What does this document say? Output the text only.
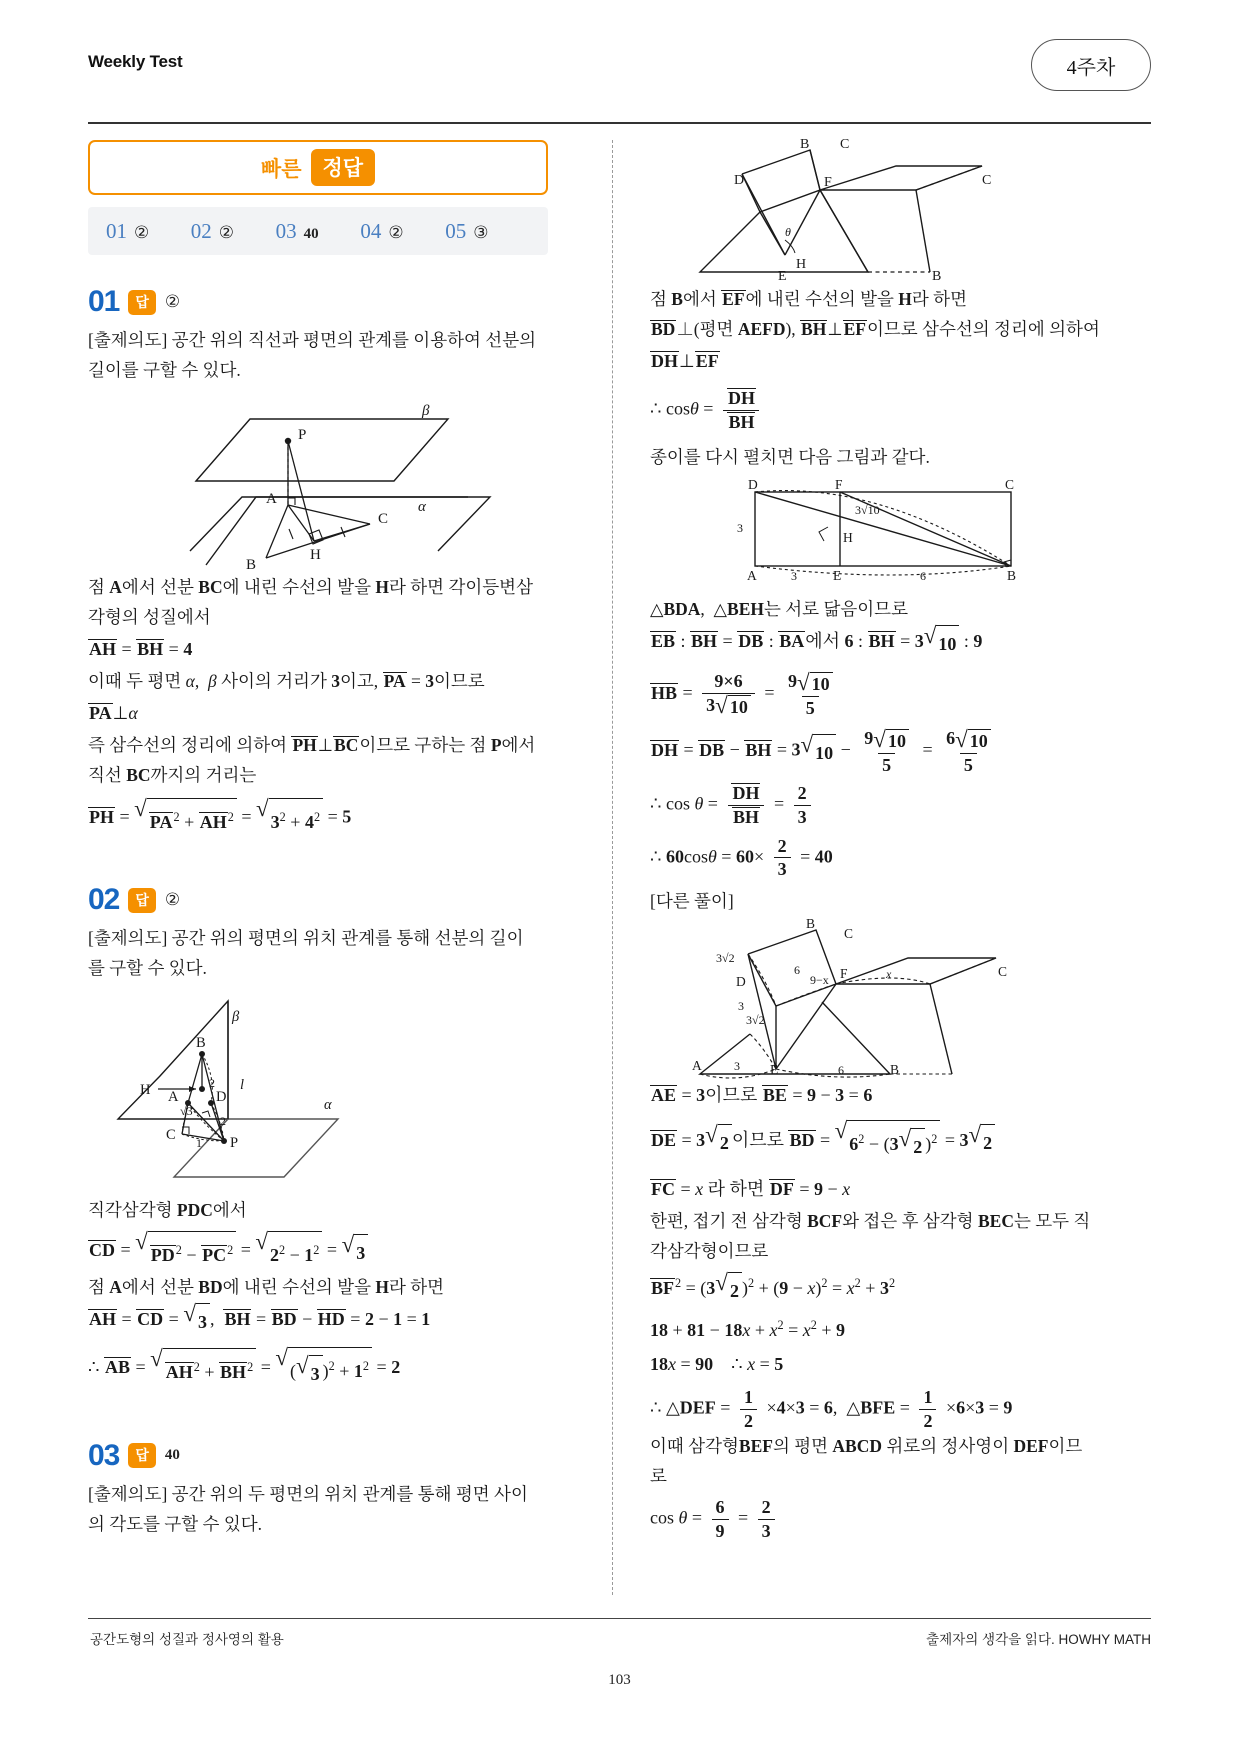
Weekly Test	4주차
빠른	정답
01 ② 02 ② 03 40 04 ② 05 ③
01	답 ②
[출제의도] 공간 위의 직선과 평면의 관계를 이용하여 선분의
길이를 구할 수 있다.
P
A
B
C
H
α
β
점 A에서 선분 BC에 내린 수선의 발을 H라 하면 각이등변삼
각형의 성질에서
AH = BH = 4
이때 두 평면 α,  β 사이의 거리가 3이고, PA = 3이므로
PA⊥α
즉 삼수선의 정리에 의하여 PH⊥BC이므로 구하는 점 P에서
직선 BC까지의 거리는
PH = √
$PA^2 + AH^2$ = √
$3^2 + 4^2 = 5$
02	답 ②
[출제의도] 공간 위의 평면의 위치 관계를 통해 선분의 길이
를 구할 수 있다.
B
H A
C
D
P
l
α
β
2
2
1
√3
직각삼각형 PDC에서
CD = √
$PD^2 - PC^2$ = √
$2^2 - 1^2$ = √ 3
점 A에서 선분 BD에 내린 수선의 발을 H라 하면
AH = CD = √ 3 ,  BH = BD − HD = 2 − 1 = 1
∴ AB = √
$AH^2 + BH^2$ = √
( √ 3 )$^2 + 1^2 = 2$
03	답	40
[출제의도] 공간 위의 두 평면의 위치 관계를 통해 평면 사이
의 각도를 구할 수 있다.
B C
D	F
H
E	B
C
θ
점 B에서 EF에 내린 수선의 발을 H라 하면
BD⊥(평면 AEFD), BH⊥EF이므로 삼수선의 정리에 의하여
DH⊥EF
∴ $\cos\theta = \frac{DH}{BH}$
종이를 다시 펼치면 다음 그림과 같다.
D	F	C
H
A	E	B
3
3	6
3√10
△BDA,  △BEH는 서로 닮음이므로
EB : BH = DB : BA에서 6 : BH = 3 √ 10 : 9
HB = $\frac{9\times 6}{3 √ 10} = \frac{9 √ 10}{5}$
DH = DB − BH = 3 √ $10 - \frac{9 √ 10}{5} = \frac{6 √ 10}{5}$
∴ $\cos \theta = \frac{DH}{BH} = \frac{2}{3}$
∴ $60\cos\theta = 60\times \frac{2}{3} = 40$
[다른 풀이]
B
C
D
F	C
A	E	B
3√2
3
3√2
6
9−x	x
3	6
AE = 3이므로 BE = 9 − 3 = 6
DE = 3 √ 2 이므로 BD = √
$6^2 - (3$ √ 2 )$^2$ = 3 √ 2
FC = x 라 하면 DF = 9 − x
한편, 접기 전 삼각형 BCF와 접은 후 삼각형 BEC는 모두 직
각삼각형이므로
$BF^2 = (3$ √ 2 )$^2 + (9 - x)^2 = x^2 + 3^2$
$18 + 81 - 18x + x^2 = x^2 + 9$
18x = 90    ∴ x = 5
∴ △DEF = $\frac{1}{2} \times 4\times 3 = 6$,  △BFE = $\frac{1}{2} \times 6\times 3 = 9$
이때 삼각형BEF의 평면 ABCD 위로의 정사영이 DEF이므
로
$\cos \theta = \frac{6}{9} = \frac{2}{3}$
공간도형의 성질과 정사영의 활용	출제자의 생각을 읽다. HOWHY MATH
103
